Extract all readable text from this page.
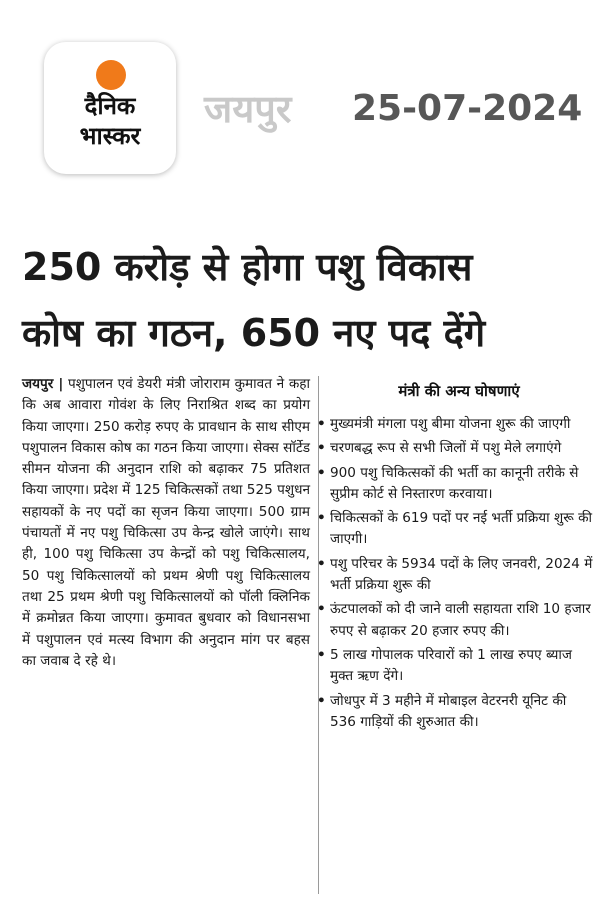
दैनिक
भास्कर
जयपुर 25-07-2024
250 करोड़ से होगा पशु विकास
कोष का गठन, 650 नए पद देंगे

जयपुर | पशुपालन एवं डेयरी मंत्री जोराराम कुमावत ने कहा कि अब आवारा गोवंश के लिए निराश्रित शब्द का प्रयोग किया जाएगा। 250 करोड़ रुपए के प्रावधान के साथ सीएम पशुपालन विकास कोष का गठन किया जाएगा। सेक्स सॉर्टेड सीमन योजना की अनुदान राशि को बढ़ाकर 75 प्रतिशत किया जाएगा। प्रदेश में 125 चिकित्सकों तथा 525 पशुधन सहायकों के नए पदों का सृजन किया जाएगा। 500 ग्राम पंचायतों में नए पशु चिकित्सा उप केन्द्र खोले जाएंगे। साथ ही, 100 पशु चिकित्सा उप केन्द्रों को पशु चिकित्सालय, 50 पशु चिकित्सालयों को प्रथम श्रेणी पशु चिकित्सालय तथा 25 प्रथम श्रेणी पशु चिकित्सालयों को पॉली क्लिनिक में क्रमोन्नत किया जाएगा। कुमावत बुधवार को विधानसभा में पशुपालन एवं मत्स्य विभाग की अनुदान मांग पर बहस का जवाब दे रहे थे।

मंत्री की अन्य घोषणाएं
• मुख्यमंत्री मंगला पशु बीमा योजना शुरू की जाएगी
• चरणबद्ध रूप से सभी जिलों में पशु मेले लगाएंगे
• 900 पशु चिकित्सकों की भर्ती का कानूनी तरीके से सुप्रीम कोर्ट से निस्तारण करवाया।
• चिकित्सकों के 619 पदों पर नई भर्ती प्रक्रिया शुरू की जाएगी।
• पशु परिचर के 5934 पदों के लिए जनवरी, 2024 में भर्ती प्रक्रिया शुरू की
• ऊंटपालकों को दी जाने वाली सहायता राशि 10 हजार रुपए से बढ़ाकर 20 हजार रुपए की।
• 5 लाख गोपालक परिवारों को 1 लाख रुपए ब्याज मुक्त ऋण देंगे।
• जोधपुर में 3 महीने में मोबाइल वेटरनरी यूनिट की 536 गाड़ियों की शुरुआत की।
